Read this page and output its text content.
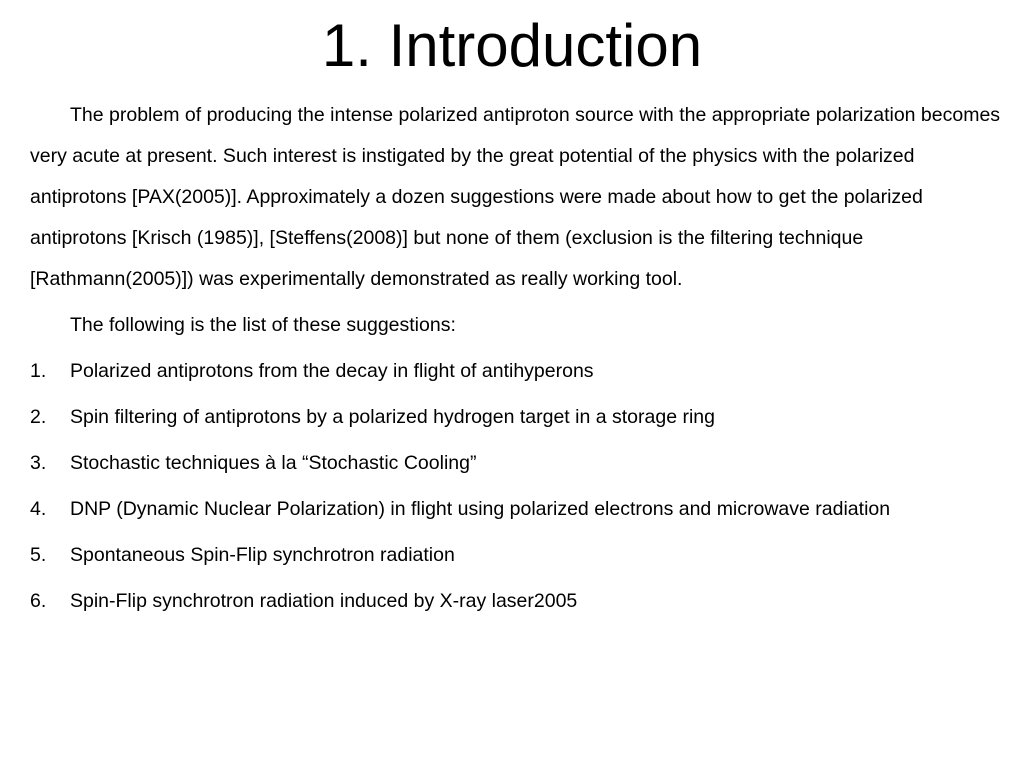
1. Introduction

The problem of producing the intense polarized antiproton source with the appropriate polarization becomes very acute at present. Such interest is instigated by the great potential of the physics with the polarized antiprotons [PAX(2005)]. Approximately a dozen suggestions were made about how to get the polarized antiprotons [Krisch (1985)], [Steffens(2008)] but none of them (exclusion is the filtering technique [Rathmann(2005)]) was experimentally demonstrated as really working tool.

The following is the list of these suggestions:

1. Polarized antiprotons from the decay in flight of antihyperons
2. Spin filtering of antiprotons by a polarized hydrogen target in a storage ring
3. Stochastic techniques à la “Stochastic Cooling”
4. DNP (Dynamic Nuclear Polarization) in flight using polarized electrons and microwave radiation
5. Spontaneous Spin-Flip synchrotron radiation
6. Spin-Flip synchrotron radiation induced by X-ray laser2005
